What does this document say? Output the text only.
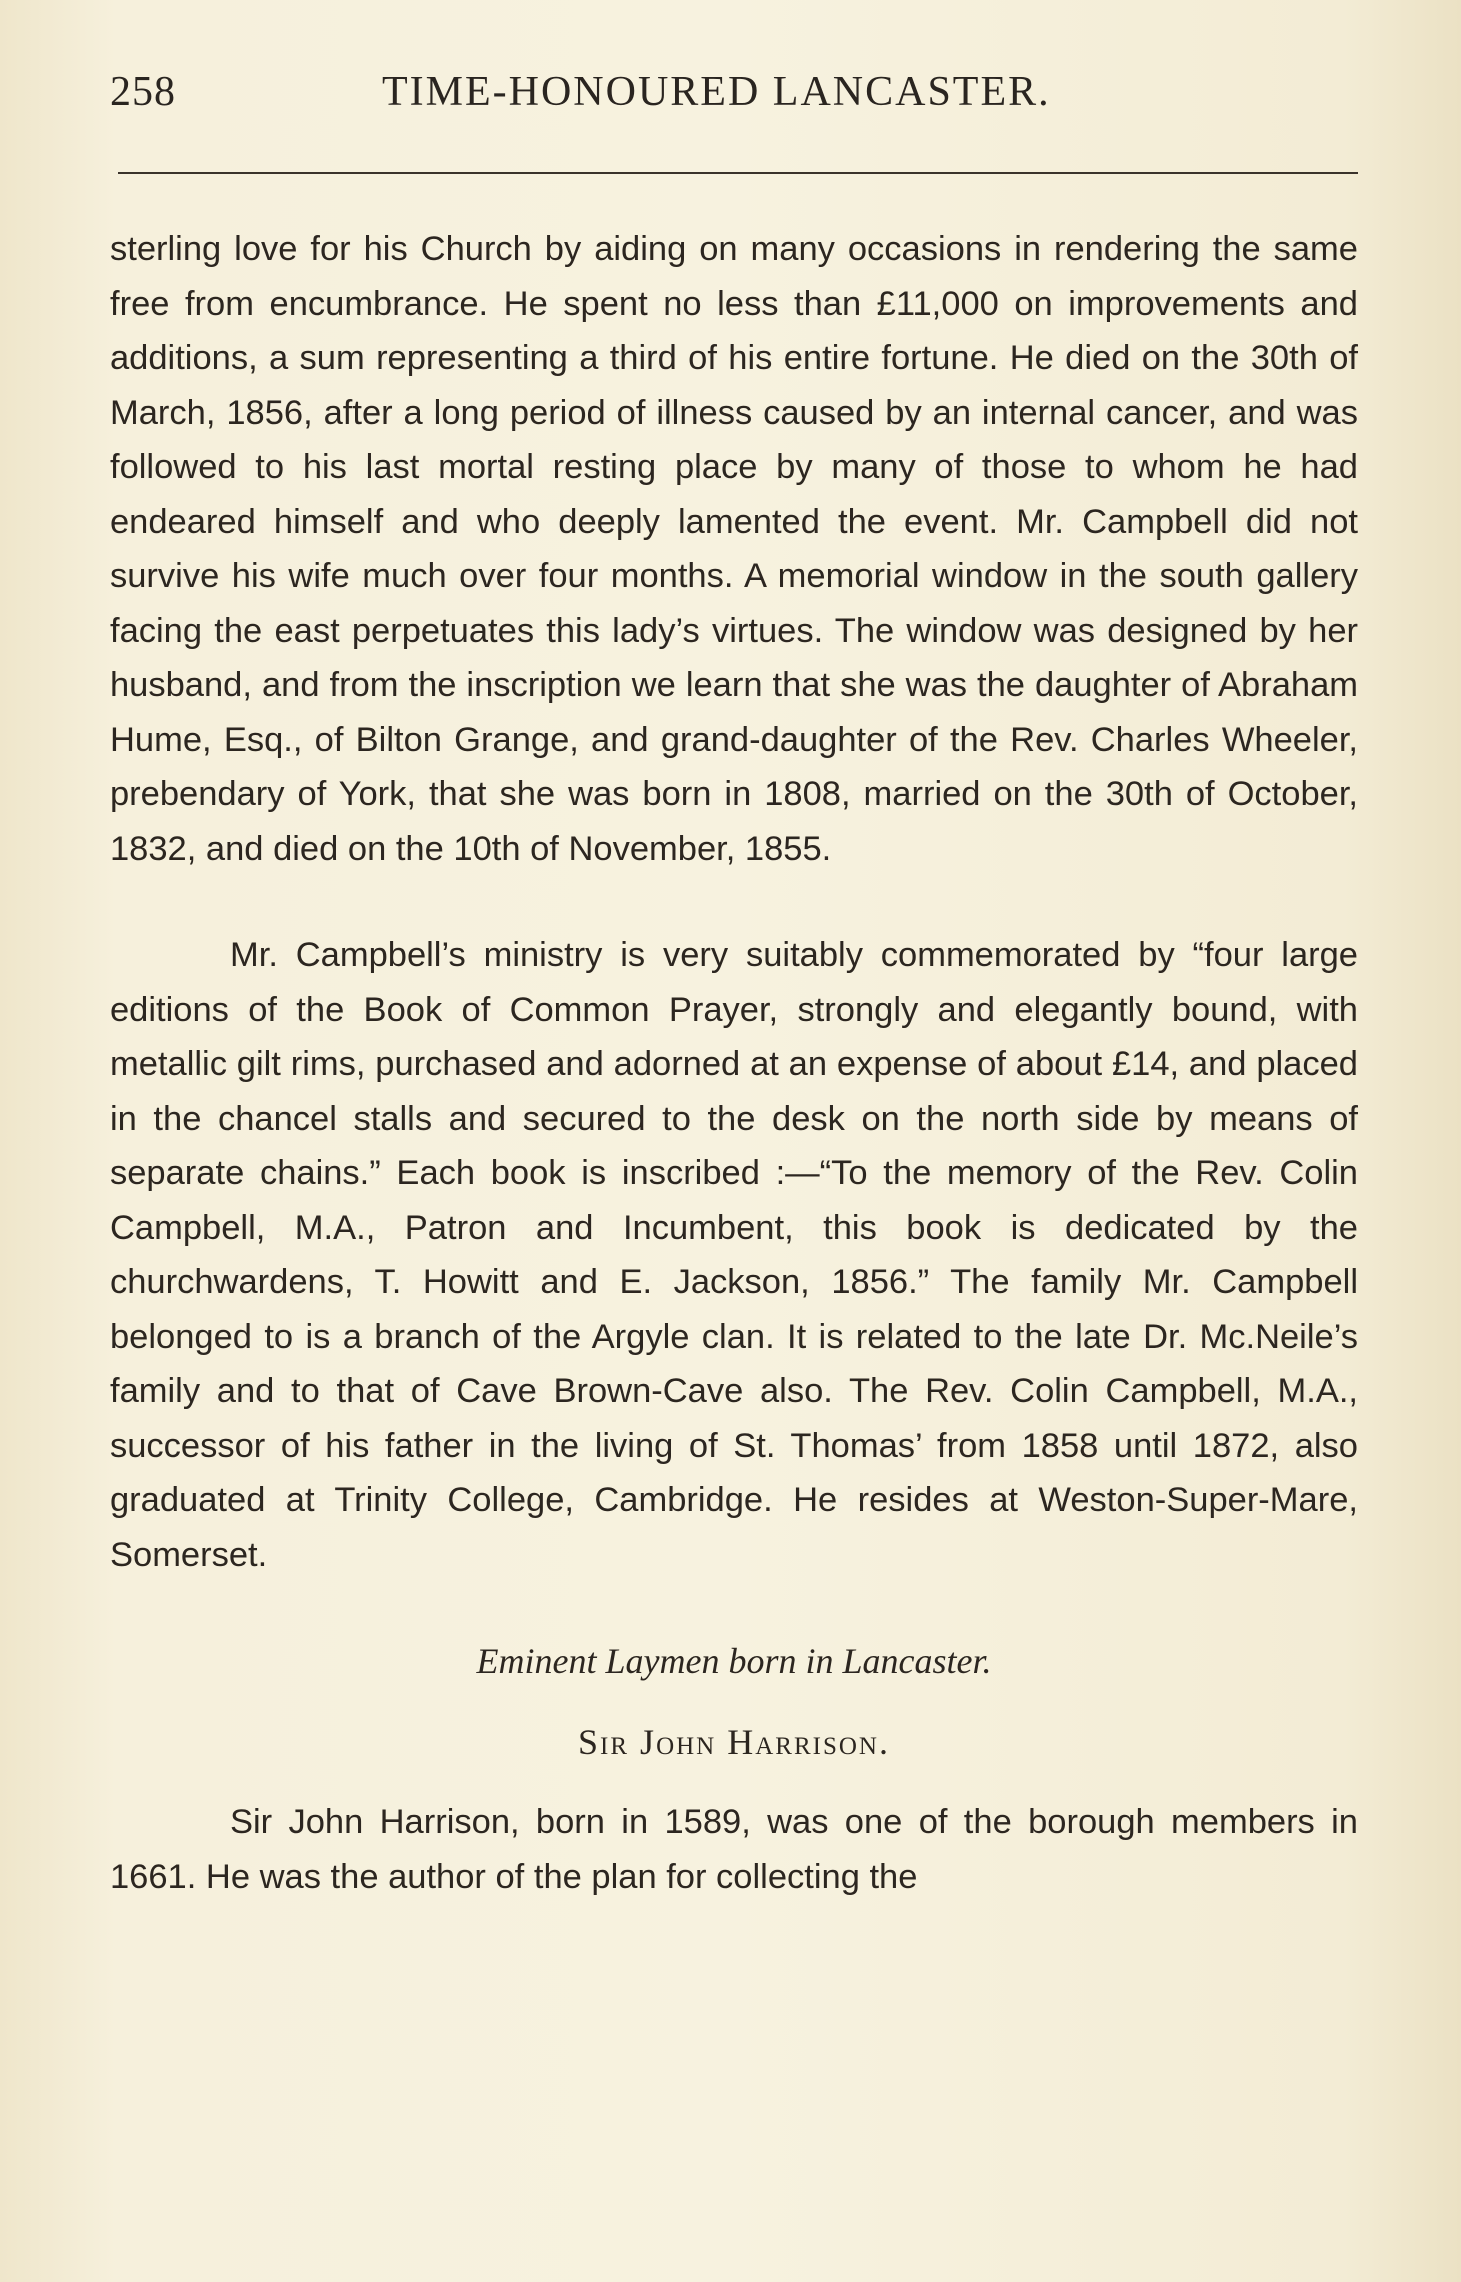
258	TIME-HONOURED LANCASTER.

sterling love for his Church by aiding on many occasions in rendering the same free from encumbrance. He spent no less than £11,000 on improvements and additions, a sum representing a third of his entire fortune. He died on the 30th of March, 1856, after a long period of illness caused by an internal cancer, and was followed to his last mortal resting place by many of those to whom he had endeared himself and who deeply lamented the event. Mr. Campbell did not survive his wife much over four months. A memorial window in the south gallery facing the east perpetuates this lady’s virtues. The window was designed by her husband, and from the inscription we learn that she was the daughter of Abraham Hume, Esq., of Bilton Grange, and grand-daughter of the Rev. Charles Wheeler, prebendary of York, that she was born in 1808, married on the 30th of October, 1832, and died on the 10th of November, 1855.

Mr. Campbell’s ministry is very suitably commemorated by “four large editions of the Book of Common Prayer, strongly and elegantly bound, with metallic gilt rims, purchased and adorned at an expense of about £14, and placed in the chancel stalls and secured to the desk on the north side by means of separate chains.” Each book is inscribed :—“To the memory of the Rev. Colin Campbell, M.A., Patron and Incumbent, this book is dedicated by the churchwardens, T. Howitt and E. Jackson, 1856.” The family Mr. Campbell belonged to is a branch of the Argyle clan. It is related to the late Dr. Mc.Neile’s family and to that of Cave Brown-Cave also. The Rev. Colin Campbell, M.A., successor of his father in the living of St. Thomas’ from 1858 until 1872, also graduated at Trinity College, Cambridge. He resides at Weston-Super-Mare, Somerset.

Eminent Laymen born in Lancaster.

Sir John Harrison.

Sir John Harrison, born in 1589, was one of the borough members in 1661. He was the author of the plan for collecting the
